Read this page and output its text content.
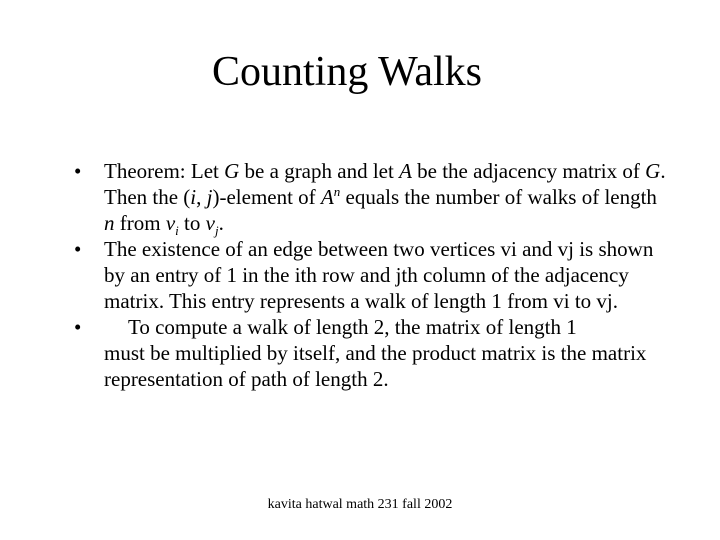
Counting Walks
• Theorem: Let G be a graph and let A be the adjacency matrix of G. Then the (i, j)-element of $A^n$ equals the number of walks of length n from $v_i$ to $v_j$.
• The existence of an edge between two vertices vi and vj is shown by an entry of 1 in the ith row and jth column of the adjacency matrix. This entry represents a walk of length 1 from vi to vj.
•	To compute a walk of length 2, the matrix of length 1
must be multiplied by itself, and the product matrix is the matrix representation of path of length 2.
kavita hatwal math 231 fall 2002
